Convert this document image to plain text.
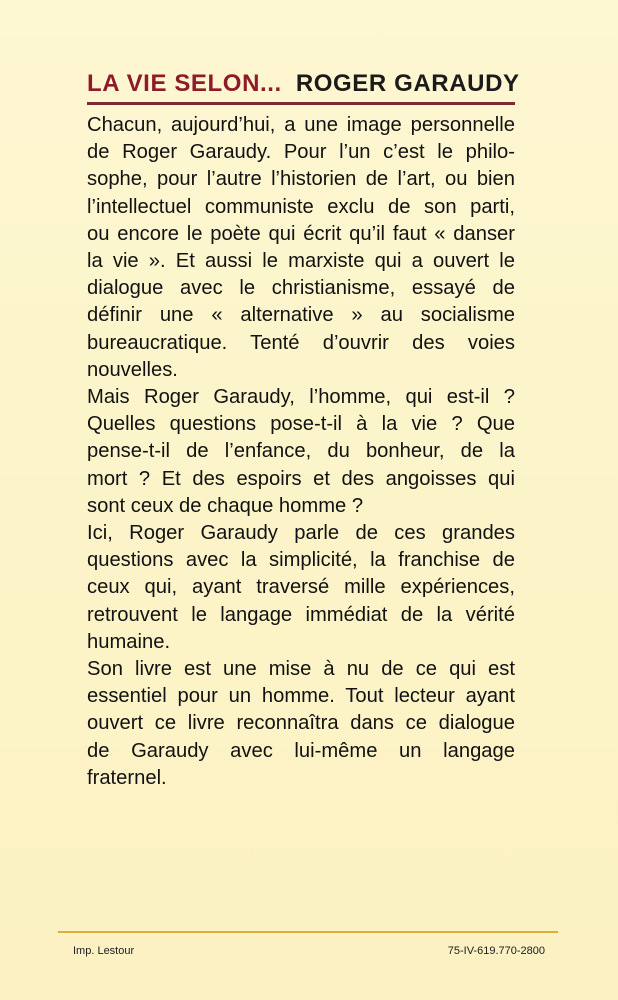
LA VIE SELON... ROGER GARAUDY
Chacun, aujourd’hui, a une image personnelle
de Roger Garaudy. Pour l’un c’est le philo-
sophe, pour l’autre l’historien de l’art, ou bien
l’intellectuel communiste exclu de son parti,
ou encore le poète qui écrit qu’il faut « danser
la vie ». Et aussi le marxiste qui a ouvert le
dialogue avec le christianisme, essayé de
définir une « alternative » au socialisme
bureaucratique. Tenté d’ouvrir des voies
nouvelles.
Mais Roger Garaudy, l’homme, qui est-il ?
Quelles questions pose-t-il à la vie ? Que
pense-t-il de l’enfance, du bonheur, de la
mort ? Et des espoirs et des angoisses qui
sont ceux de chaque homme ?
Ici, Roger Garaudy parle de ces grandes
questions avec la simplicité, la franchise de
ceux qui, ayant traversé mille expériences,
retrouvent le langage immédiat de la vérité
humaine.
Son livre est une mise à nu de ce qui est
essentiel pour un homme. Tout lecteur ayant
ouvert ce livre reconnaîtra dans ce dialogue
de Garaudy avec lui-même un langage
fraternel.
Imp. Lestour	75-IV-619.770-2800
